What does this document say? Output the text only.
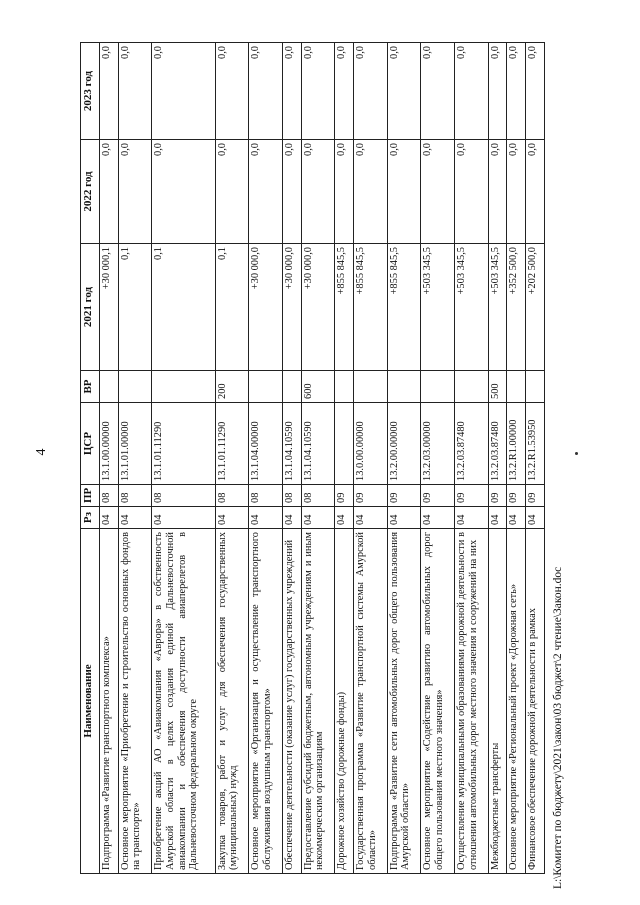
4
Наименование	Рз	ПР	ЦСР	ВР	2021 год	2022 год	2023 год
Подпрограмма «Развитие транспортного комплекса»	04	08	13.1.00.00000		+30 000,1	0,0	0,0
Основное мероприятие «Приобретение и строительство основных фондов на транспорте»	04	08	13.1.01.00000		0,1	0,0	0,0
Приобретение акций АО «Авиакомпания «Аврора» в собственность Амурской области в целях создания единой Дальневосточной авиакомпании и обеспечения доступности авиаперелетов в Дальневосточном федеральном округе	04	08	13.1.01.11290		0,1	0,0	0,0
Закупка товаров, работ и услуг для обеспечения государственных (муниципальных) нужд	04	08	13.1.01.11290	200	0,1	0,0	0,0
Основное мероприятие «Организация и осуществление транспортного обслуживания воздушным транспортом»	04	08	13.1.04.00000		+30 000,0	0,0	0,0
Обеспечение деятельности (оказание услуг) государственных учреждений	04	08	13.1.04.10590		+30 000,0	0,0	0,0
Предоставление субсидий бюджетным, автономным учреждениям и иным некоммерческим организациям	04	08	13.1.04.10590	600	+30 000,0	0,0	0,0
Дорожное хозяйство (дорожные фонды)	04	09			+855 845,5	0,0	0,0
Государственная программа «Развитие транспортной системы Амурской области»	04	09	13.0.00.00000		+855 845,5	0,0	0,0
Подпрограмма «Развитие сети автомобильных дорог общего пользования Амурской области»	04	09	13.2.00.00000		+855 845,5	0,0	0,0
Основное мероприятие «Содействие развитию автомобильных дорог общего пользования местного значения»	04	09	13.2.03.00000		+503 345,5	0,0	0,0
Осуществление муниципальными образованиями дорожной деятельности в отношении автомобильных дорог местного значения и сооружений на них	04	09	13.2.03.87480		+503 345,5	0,0	0,0
Межбюджетные трансферты	04	09	13.2.03.87480	500	+503 345,5	0,0	0,0
Основное мероприятие «Региональный проект «Дорожная сеть»	04	09	13.2.R1.00000		+352 500,0	0,0	0,0
Финансовое обеспечение дорожной деятельности в рамках	04	09	13.2.R1.53950		+202 500,0	0,0	0,0
L:\Комитет по бюджету\2021\закон\03 бюджет\2 чтение\Закон.doc
